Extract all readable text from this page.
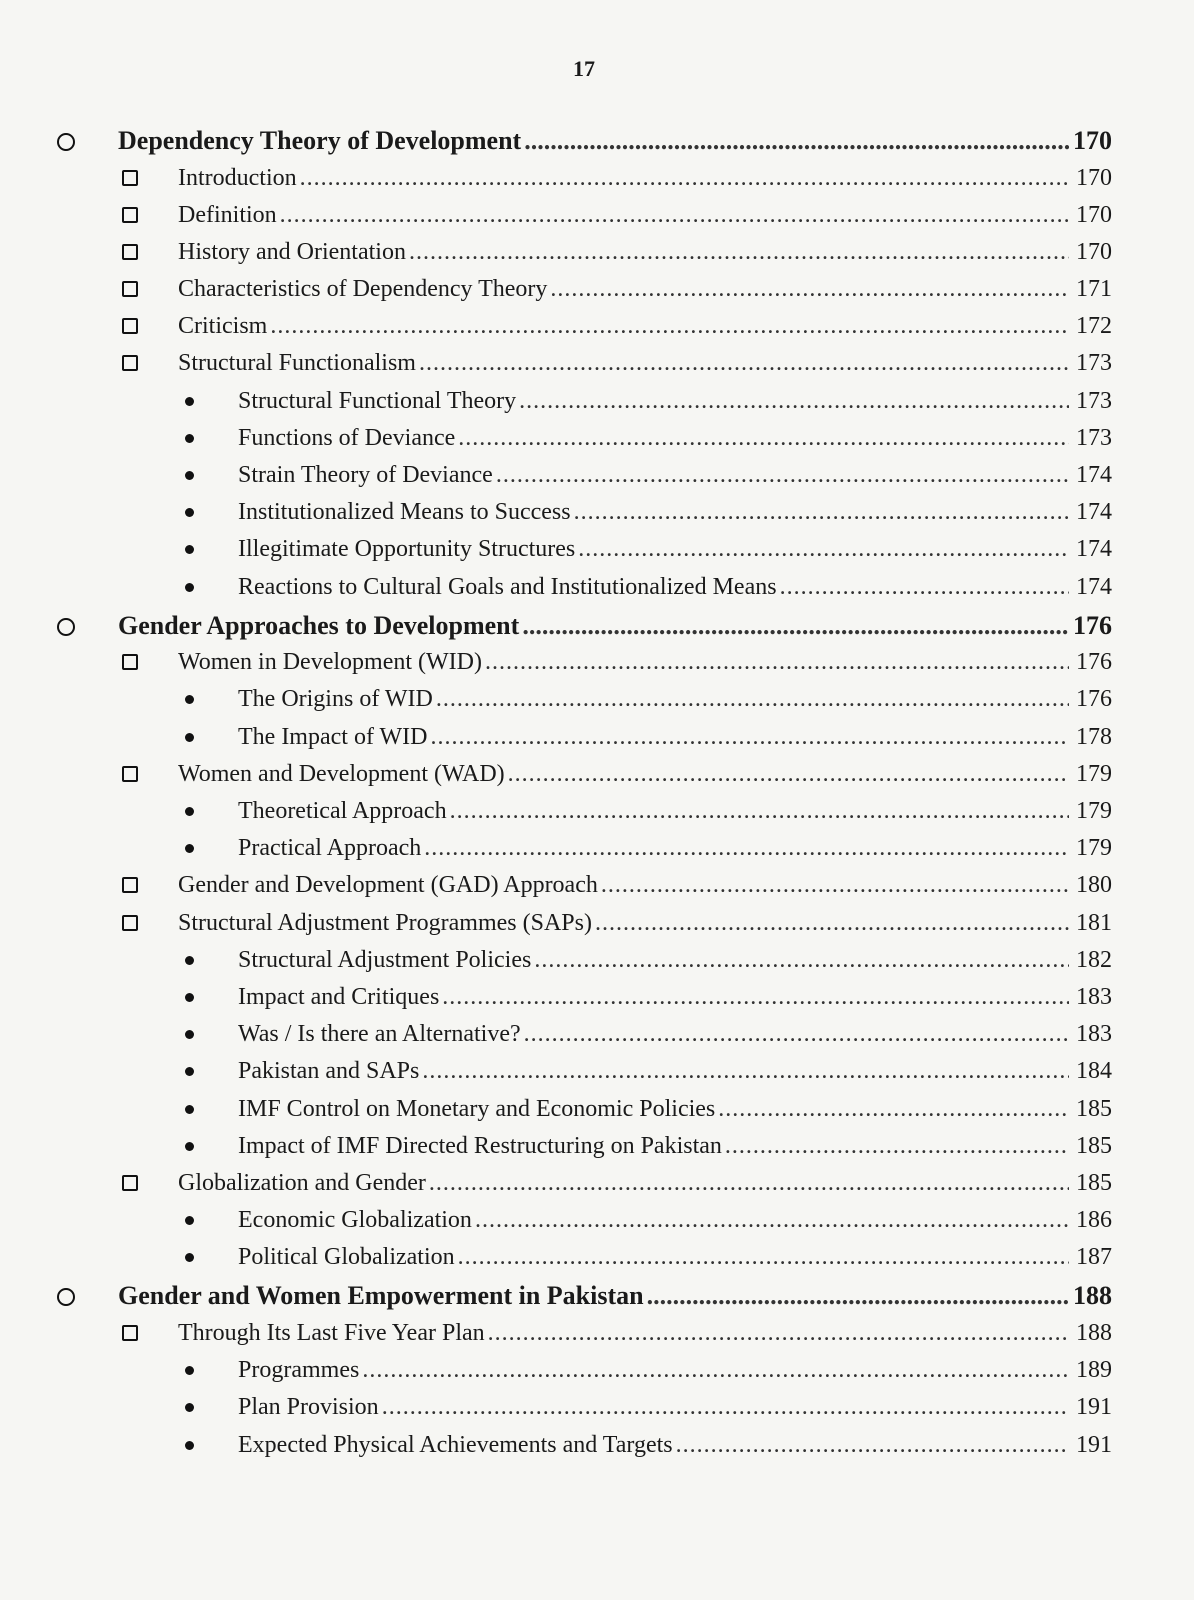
17
Dependency Theory of Development .....	170
Introduction .....	170
Definition .....	170
History and Orientation .....	170
Characteristics of Dependency Theory .....	171
Criticism .....	172
Structural Functionalism .....	173
Structural Functional Theory .....	173
Functions of Deviance .....	173
Strain Theory of Deviance .....	174
Institutionalized Means to Success .....	174
Illegitimate Opportunity Structures .....	174
Reactions to Cultural Goals and Institutionalized Means .....	174
Gender Approaches to Development .....	176
Women in Development (WID) .....	176
The Origins of WID .....	176
The Impact of WID .....	178
Women and Development (WAD) .....	179
Theoretical Approach .....	179
Practical Approach .....	179
Gender and Development (GAD) Approach .....	180
Structural Adjustment Programmes (SAPs) .....	181
Structural Adjustment Policies .....	182
Impact and Critiques .....	183
Was / Is there an Alternative? .....	183
Pakistan and SAPs .....	184
IMF Control on Monetary and Economic Policies .....	185
Impact of IMF Directed Restructuring on Pakistan .....	185
Globalization and Gender .....	185
Economic Globalization .....	186
Political Globalization .....	187
Gender and Women Empowerment in Pakistan .....	188
Through Its Last Five Year Plan .....	188
Programmes .....	189
Plan Provision .....	191
Expected Physical Achievements and Targets .....	191
